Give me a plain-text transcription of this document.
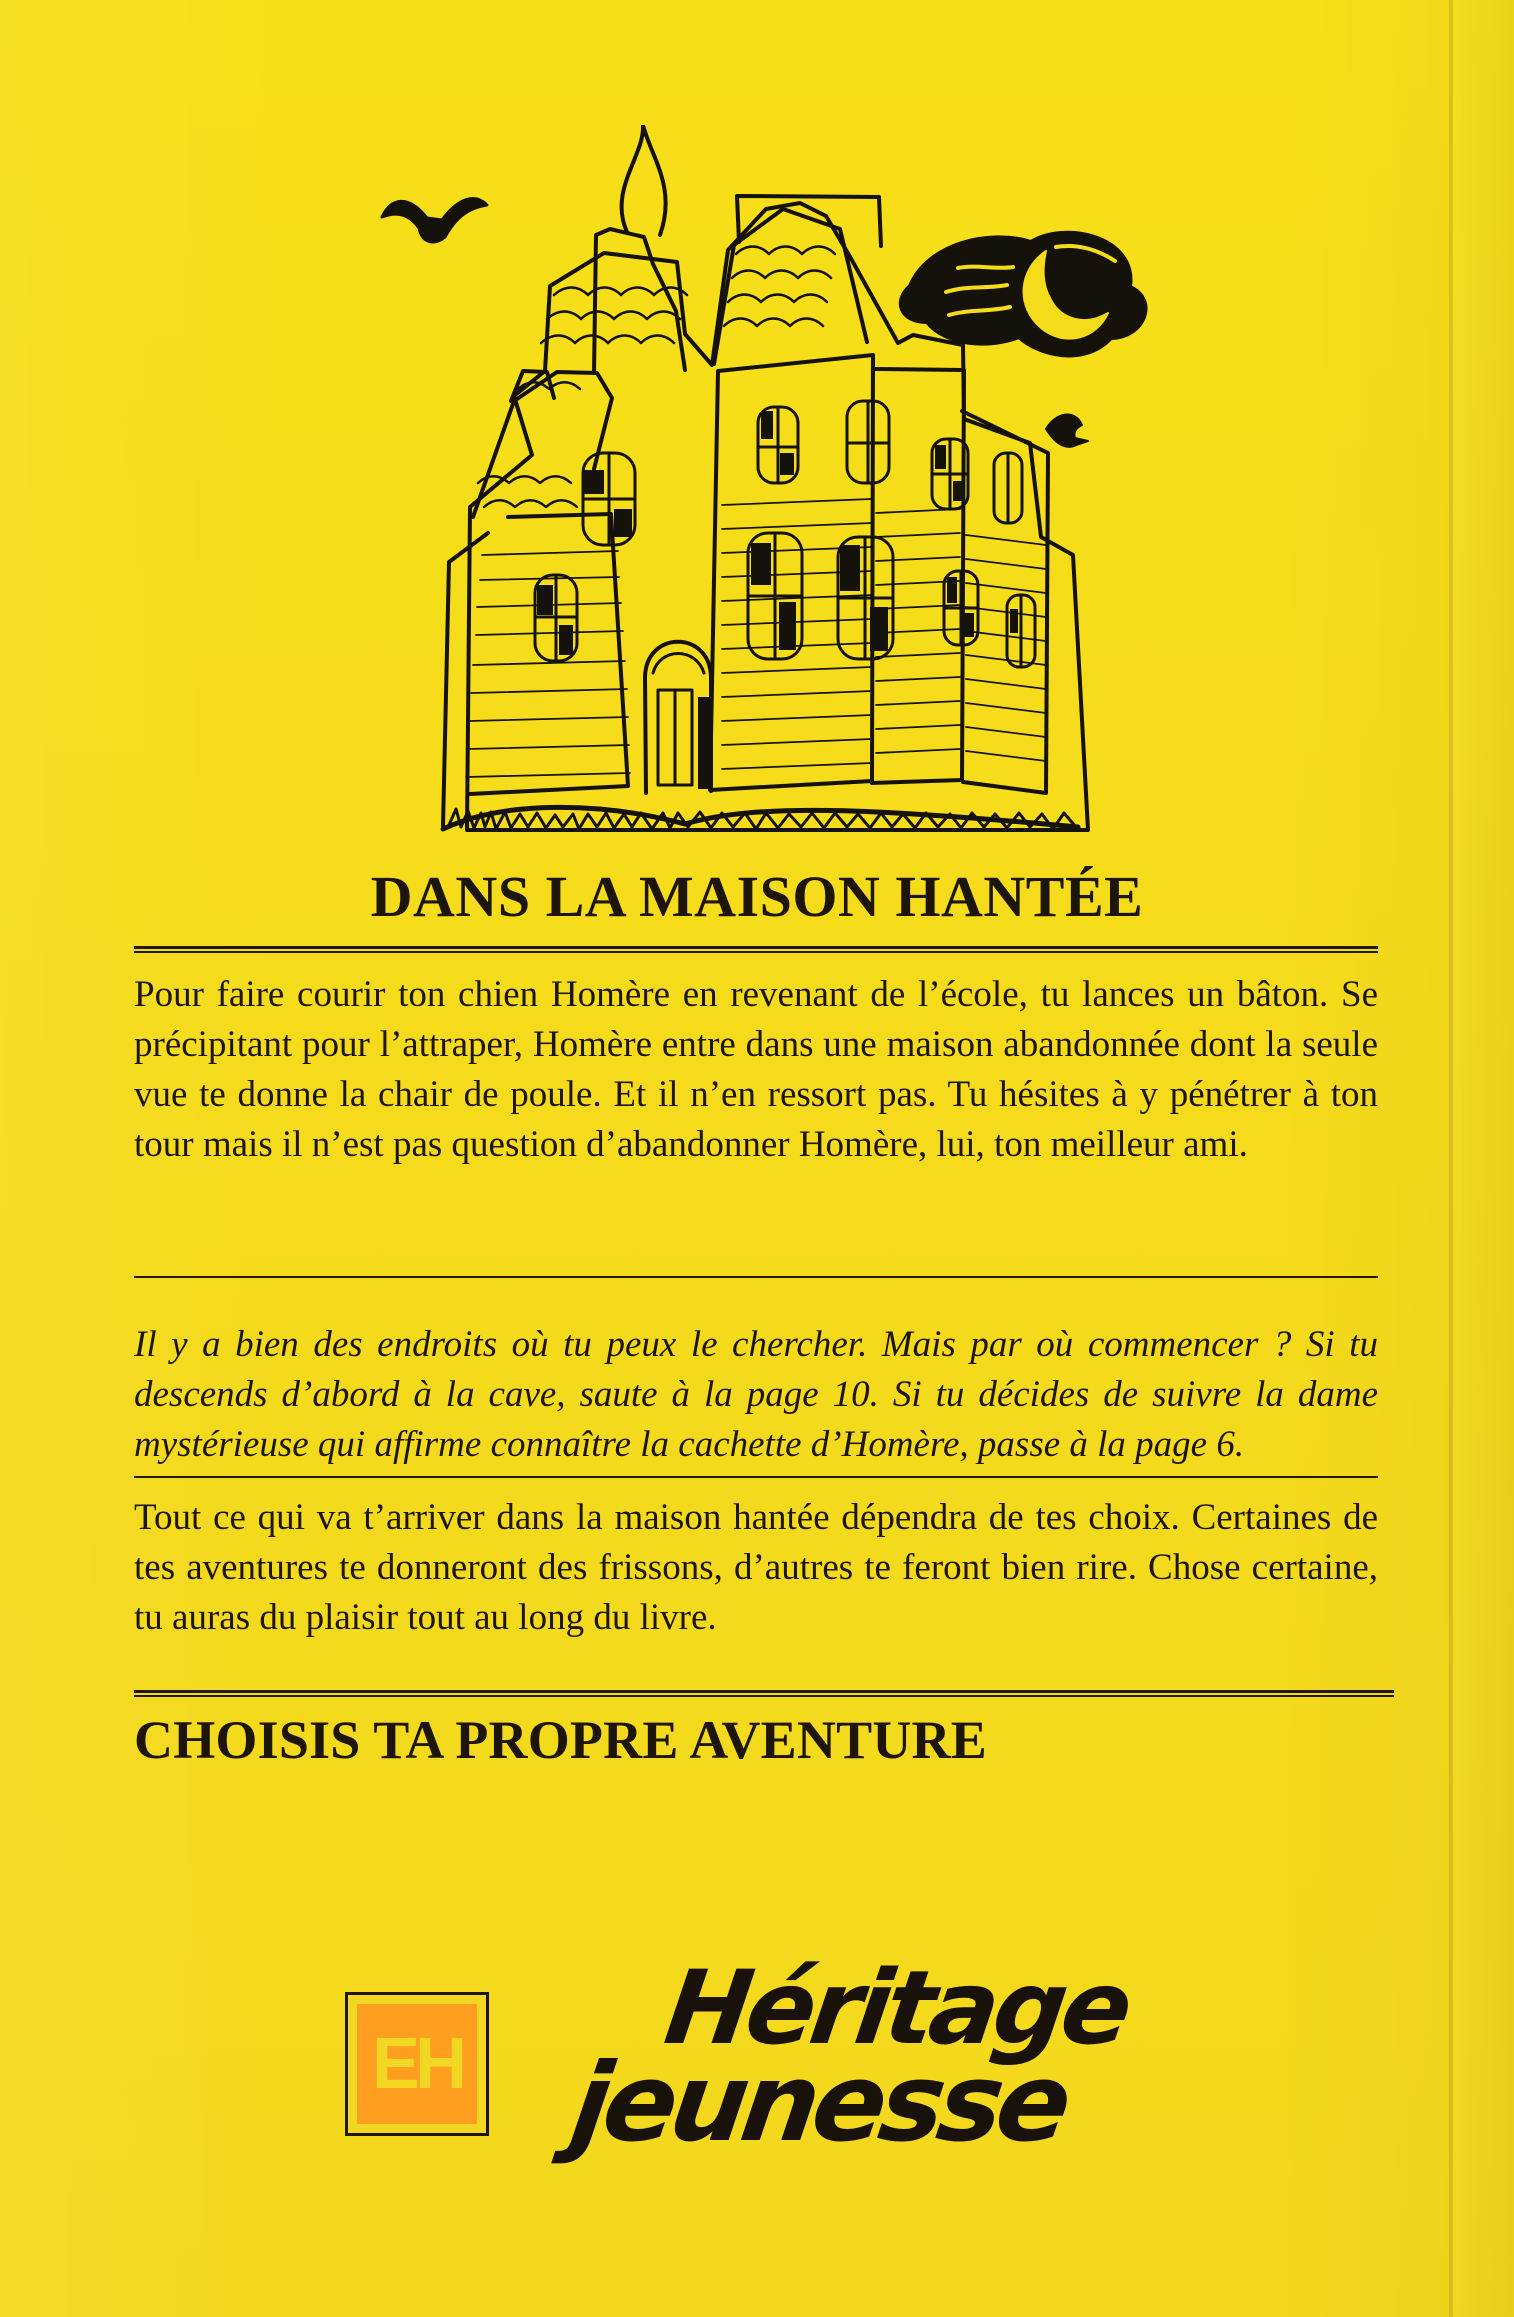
DANS LA MAISON HANTÉE

Pour faire courir ton chien Homère en revenant de l’école, tu lances un bâton. Se précipitant pour l’attraper, Homère entre dans une maison abandonnée dont la seule vue te donne la chair de poule. Et il n’en ressort pas. Tu hésites à y pénétrer à ton tour mais il n’est pas question d’abandonner Homère, lui, ton meilleur ami.

Il y a bien des endroits où tu peux le chercher. Mais par où commencer ? Si tu descends d’abord à la cave, saute à la page 10. Si tu décides de suivre la dame mystérieuse qui affirme connaître la cachette d’Homère, passe à la page 6.

Tout ce qui va t’arriver dans la maison hantée dépendra de tes choix. Certaines de tes aventures te donneront des frissons, d’autres te feront bien rire. Chose certaine, tu auras du plaisir tout au long du livre.

CHOISIS TA PROPRE AVENTURE
EH Héritage
jeunesse
